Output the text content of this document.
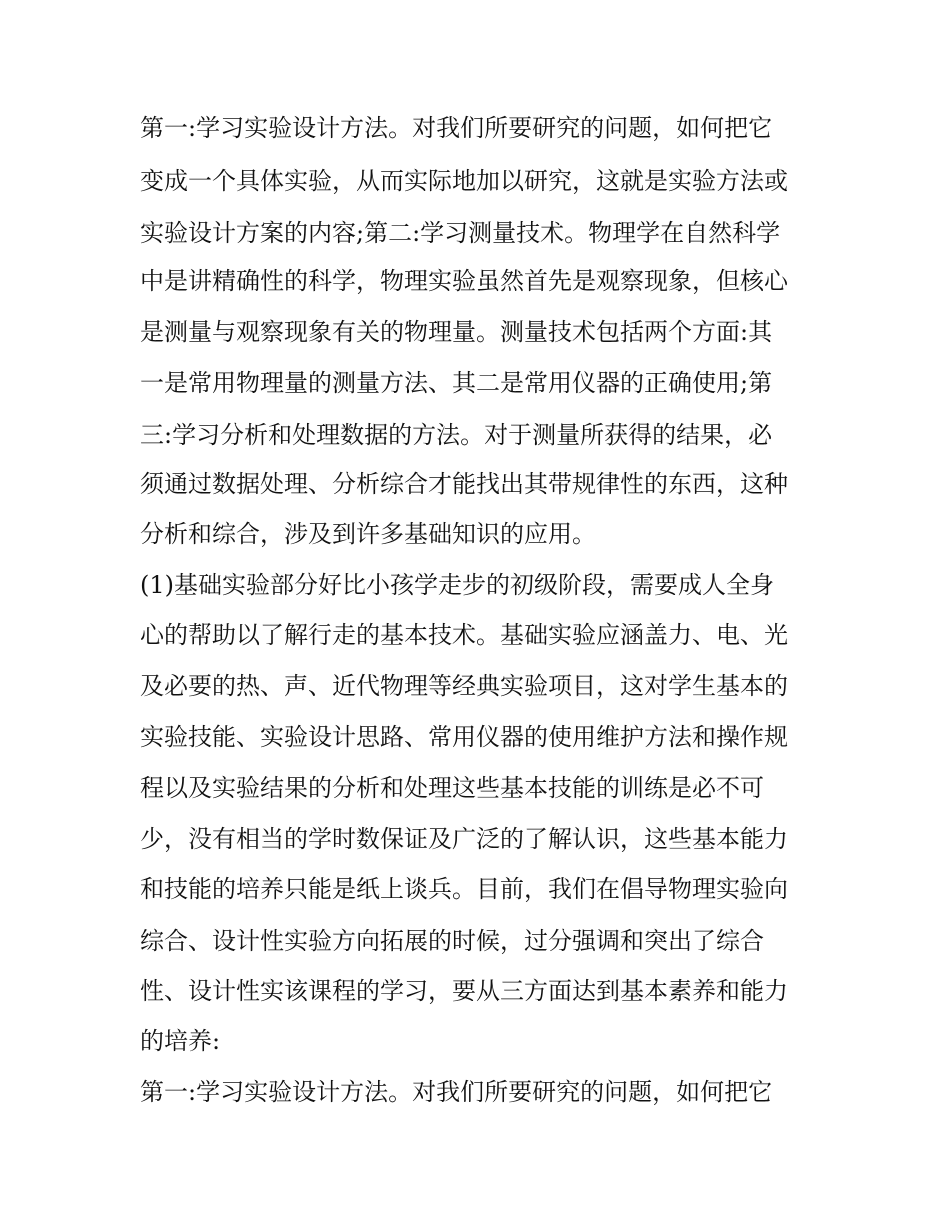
第一:学习实验设计方法。对我们所要研究的问题，如何把它
变成一个具体实验，从而实际地加以研究，这就是实验方法或
实验设计方案的内容;第二:学习测量技术。物理学在自然科学
中是讲精确性的科学，物理实验虽然首先是观察现象，但核心
是测量与观察现象有关的物理量。测量技术包括两个方面:其
一是常用物理量的测量方法、其二是常用仪器的正确使用;第
三:学习分析和处理数据的方法。对于测量所获得的结果，必
须通过数据处理、分析综合才能找出其带规律性的东西，这种
分析和综合，涉及到许多基础知识的应用。
(1)基础实验部分好比小孩学走步的初级阶段，需要成人全身
心的帮助以了解行走的基本技术。基础实验应涵盖力、电、光
及必要的热、声、近代物理等经典实验项目，这对学生基本的
实验技能、实验设计思路、常用仪器的使用维护方法和操作规
程以及实验结果的分析和处理这些基本技能的训练是必不可
少，没有相当的学时数保证及广泛的了解认识，这些基本能力
和技能的培养只能是纸上谈兵。目前，我们在倡导物理实验向
综合、设计性实验方向拓展的时候，过分强调和突出了综合
性、设计性实该课程的学习，要从三方面达到基本素养和能力
的培养:
第一:学习实验设计方法。对我们所要研究的问题，如何把它
